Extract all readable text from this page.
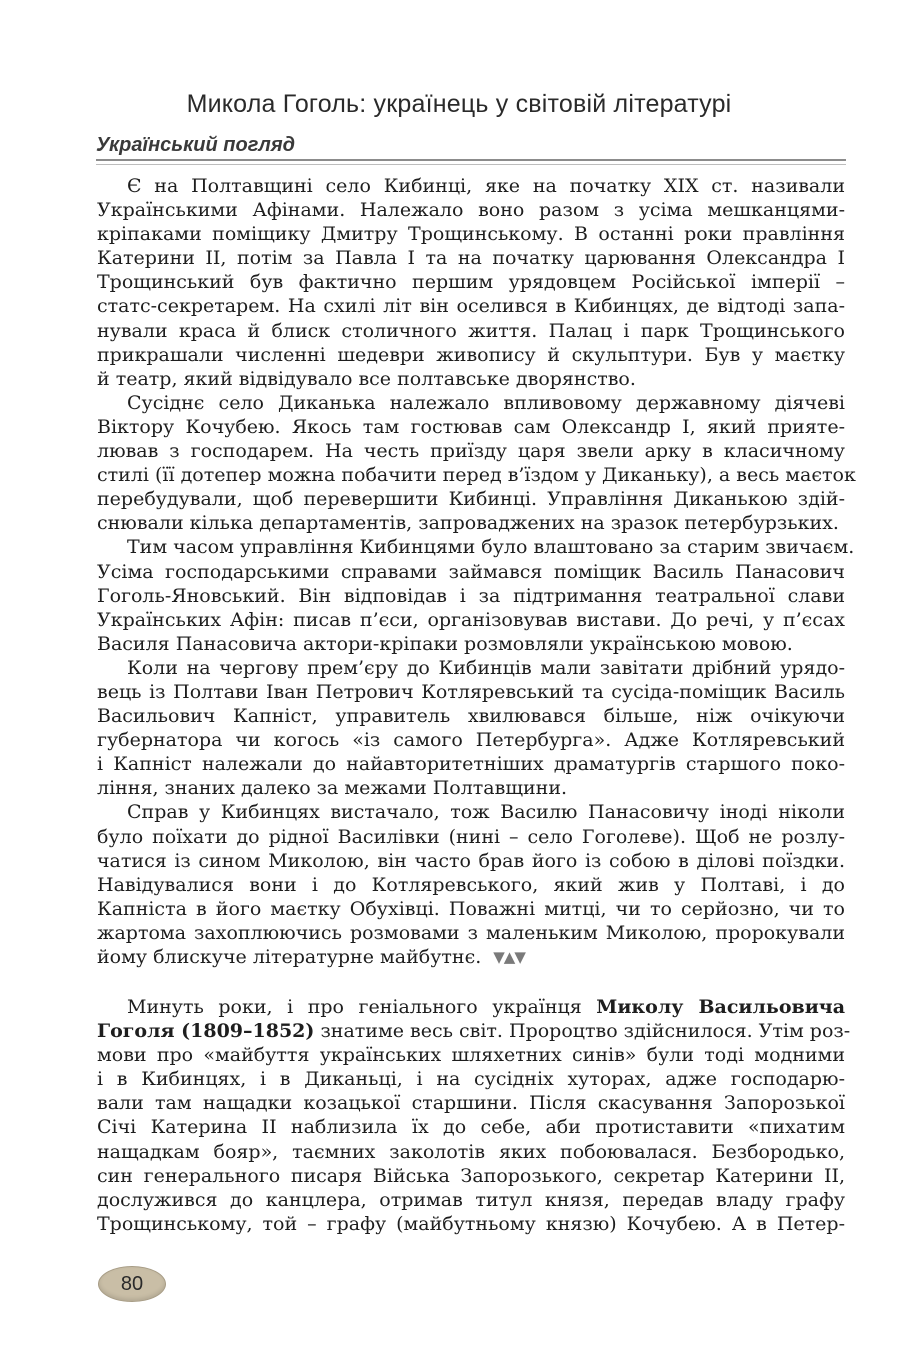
Микола Гоголь: українець у світовій літературі
Український погляд
Є на Полтавщині село Кибинці, яке на початку XIX ст. називали
Українськими Афінами. Належало воно разом з усіма мешканцями-
кріпаками поміщику Дмитру Трощинському. В останні роки правління
Катерини II, потім за Павла I та на початку царювання Олександра I
Трощинський був фактично першим урядовцем Російської імперії –
статс-секретарем. На схилі літ він оселився в Кибинцях, де відтоді запа-
нували краса й блиск столичного життя. Палац і парк Трощинського
прикрашали численні шедеври живопису й скульптури. Був у маєтку
й театр, який відвідувало все полтавське дворянство.
Сусіднє село Диканька належало впливовому державному діячеві
Віктору Кочубею. Якось там гостював сам Олександр I, який прияте-
лював з господарем. На честь приїзду царя звели арку в класичному
стилі (її дотепер можна побачити перед в’їздом у Диканьку), а весь маєток
перебудували, щоб перевершити Кибинці. Управління Диканькою здій-
снювали кілька департаментів, запроваджених на зразок петербурзьких.
Тим часом управління Кибинцями було влаштовано за старим звичаєм.
Усіма господарськими справами займався поміщик Василь Панасович
Гоголь-Яновський. Він відповідав і за підтримання театральної слави
Українських Афін: писав п’єси, організовував вистави. До речі, у п’єсах
Василя Панасовича актори-кріпаки розмовляли українською мовою.
Коли на чергову прем’єру до Кибинців мали завітати дрібний урядо-
вець із Полтави Іван Петрович Котляревський та сусіда-поміщик Василь
Васильович Капніст, управитель хвилювався більше, ніж очікуючи
губернатора чи когось «із самого Петербурга». Адже Котляревський
і Капніст належали до найавторитетніших драматургів старшого поко-
ління, знаних далеко за межами Полтавщини.
Справ у Кибинцях вистачало, тож Василю Панасовичу іноді ніколи
було поїхати до рідної Василівки (нині – село Гоголеве). Щоб не розлу-
чатися із сином Миколою, він часто брав його із собою в ділові поїздки.
Навідувалися вони і до Котляревського, який жив у Полтаві, і до
Капніста в його маєтку Обухівці. Поважні митці, чи то серйозно, чи то
жартома захоплюючись розмовами з маленьким Миколою, пророкували
йому блискуче літературне майбутнє. ▼▲▼
Минуть роки, і про геніального українця Миколу Васильовича
Гоголя (1809–1852) знатиме весь світ. Пророцтво здійснилося. Утім роз-
мови про «майбуття українських шляхетних синів» були тоді модними
і в Кибинцях, і в Диканьці, і на сусідніх хуторах, адже господарю-
вали там нащадки козацької старшини. Після скасування Запорозької
Січі Катерина II наблизила їх до себе, аби протиставити «пихатим
нащадкам бояр», таємних заколотів яких побоювалася. Безбородько,
син генерального писаря Війська Запорозького, секретар Катерини II,
дослужився до канцлера, отримав титул князя, передав владу графу
Трощинському, той – графу (майбутньому князю) Кочубею. А в Петер-
80
